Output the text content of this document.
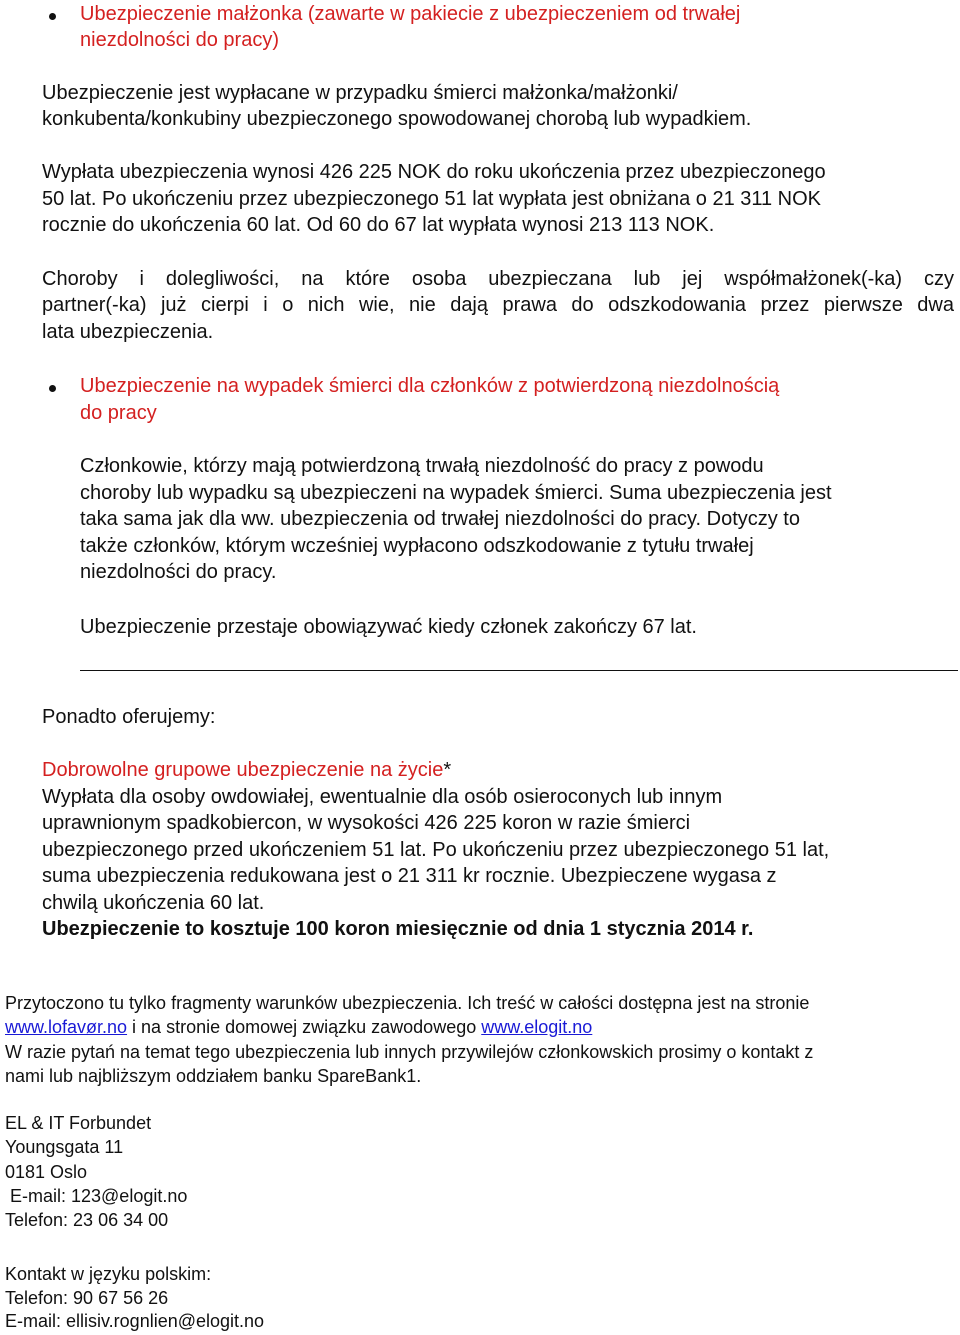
Ubezpieczenie małżonka (zawarte w pakiecie z ubezpieczeniem od trwałej
niezdolności do pracy)
Ubezpieczenie jest wypłacane w przypadku śmierci małżonka/małżonki/
konkubenta/konkubiny ubezpieczonego spowodowanej chorobą lub wypadkiem.
Wypłata ubezpieczenia wynosi 426 225 NOK do roku ukończenia przez ubezpieczonego
50 lat. Po ukończeniu przez ubezpieczonego 51 lat wypłata jest obniżana o 21 311 NOK
rocznie do ukończenia 60 lat. Od 60 do 67 lat wypłata wynosi 213 113 NOK.
Choroby i dolegliwości, na które osoba ubezpieczana lub jej współmałżonek(-ka) czy
partner(-ka) już cierpi i o nich wie, nie dają prawa do odszkodowania przez pierwsze dwa
lata ubezpieczenia.
Ubezpieczenie na wypadek śmierci dla członków z potwierdzoną niezdolnością
do pracy
Członkowie, którzy mają potwierdzoną trwałą niezdolność do pracy z powodu
choroby lub wypadku są ubezpieczeni na wypadek śmierci. Suma ubezpieczenia jest
taka sama jak dla ww. ubezpieczenia od trwałej niezdolności do pracy. Dotyczy to
także członków, którym wcześniej wypłacono odszkodowanie z tytułu trwałej
niezdolności do pracy.
Ubezpieczenie przestaje obowiązywać kiedy członek zakończy 67 lat.
Ponadto oferujemy:
Dobrowolne grupowe ubezpieczenie na życie*
Wypłata dla osoby owdowiałej, ewentualnie dla osób osieroconych lub innym
uprawnionym spadkobiercon, w wysokości 426 225 koron w razie śmierci
ubezpieczonego przed ukończeniem 51 lat. Po ukończeniu przez ubezpieczonego 51 lat,
suma ubezpieczenia redukowana jest o 21 311 kr rocznie. Ubezpieczene wygasa z
chwilą ukończenia 60 lat.
Ubezpieczenie to kosztuje 100 koron miesięcznie od dnia 1 stycznia 2014 r.
Przytoczono tu tylko fragmenty warunków ubezpieczenia. Ich treść w całości dostępna jest na stronie
www.lofavør.no i na stronie domowej związku zawodowego www.elogit.no
W razie pytań na temat tego ubezpieczenia lub innych przywilejów członkowskich prosimy o kontakt z
nami lub najbliższym oddziałem banku SpareBank1.
EL & IT Forbundet
Youngsgata 11
0181 Oslo
E-mail: 123@elogit.no
Telefon: 23 06 34 00
Kontakt w języku polskim:
Telefon: 90 67 56 26
E-mail: ellisiv.rognlien@elogit.no
